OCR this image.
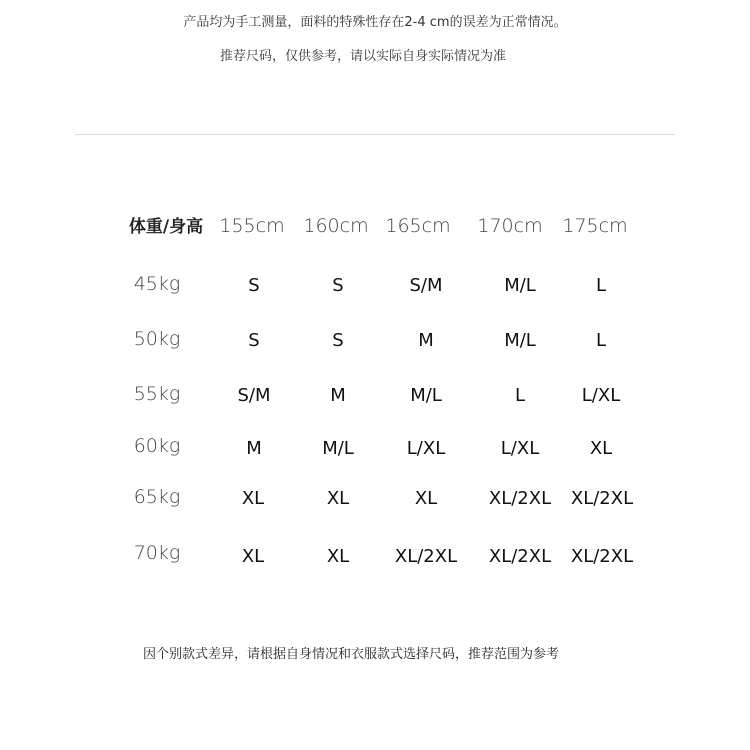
产品均为手工测量，面料的特殊性存在2-4 cm的误差为正常情况。
推荐尺码，仅供参考，请以实际自身实际情况为准
体重/身高 155cm 160cm 165cm	170cm	175cm
45kg	S	S	S/M	M/L	L
50kg	S	S	M	M/L	L
55kg	S/M	M	M/L	L	L/XL
60kg	M	M/L	L/XL	L/XL	XL
65kg	XL	XL	XL	XL/2XL	XL/2XL
70kg	XL	XL	XL/2XL	XL/2XL	XL/2XL
因个别款式差异，请根据自身情况和衣服款式选择尺码，推荐范围为参考
